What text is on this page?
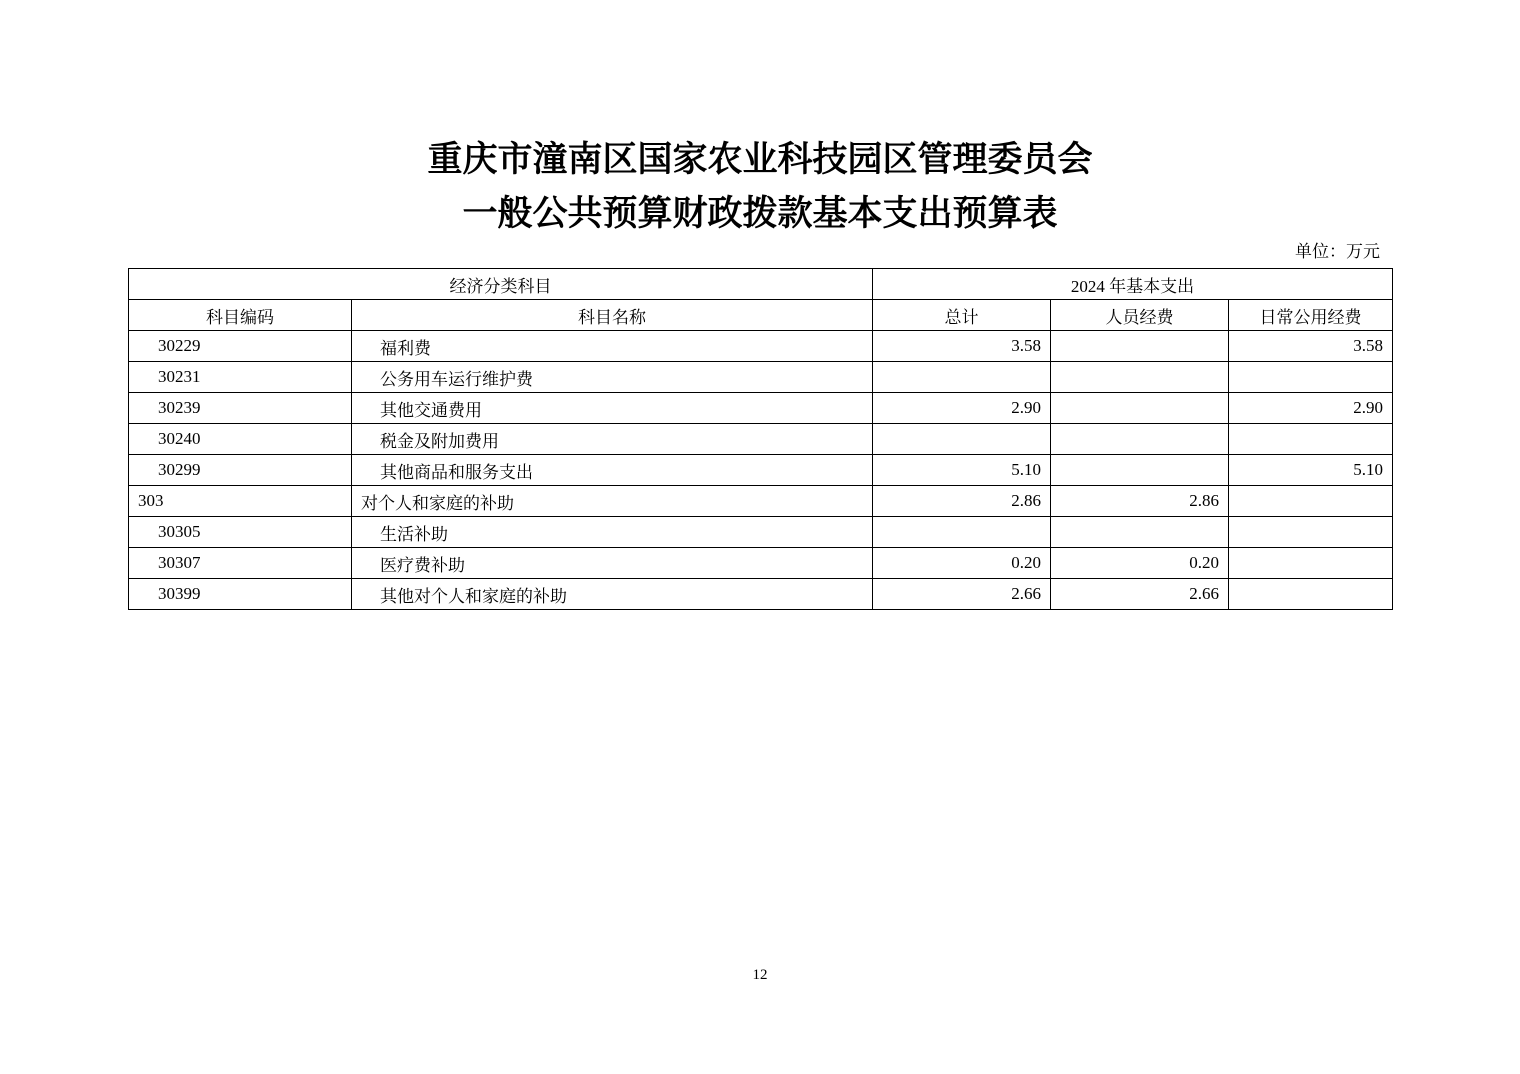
重庆市潼南区国家农业科技园区管理委员会
一般公共预算财政拨款基本支出预算表
单位：万元
经济分类科目		2024 年基本支出		
科目编码	科目名称	总计	人员经费	日常公用经费
30229	福利费	3.58		3.58
30231	公务用车运行维护费			
30239	其他交通费用	2.90		2.90
30240	税金及附加费用			
30299	其他商品和服务支出	5.10		5.10
303	对个人和家庭的补助	2.86	2.86	
30305	生活补助			
30307	医疗费补助	0.20	0.20	
30399	其他对个人和家庭的补助	2.66	2.66	
12
